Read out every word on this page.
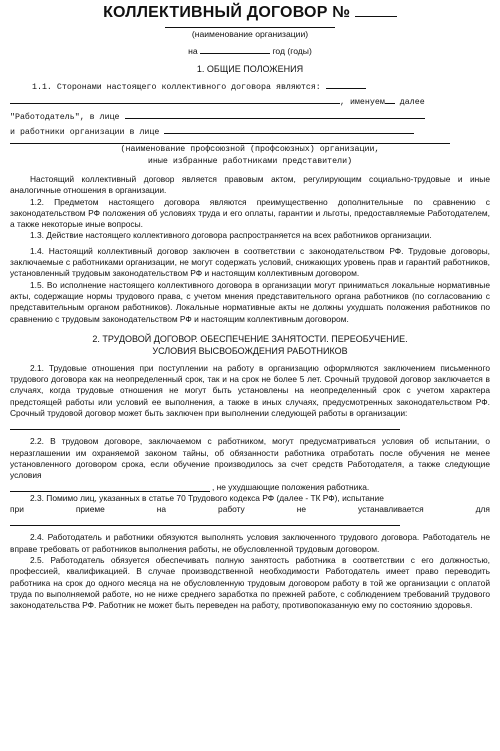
КОЛЛЕКТИВНЫЙ ДОГОВОР №
(наименование организации)
на	год (годы)
1. ОБЩИЕ ПОЛОЖЕНИЯ
1.1. Сторонами настоящего коллективного договора являются:
, именуем далее
"Работодатель", в лице
и работники организации в лице
(наименование профсоюзной (профсоюзных) организации,
иные избранные работниками представители)

Настоящий коллективный договор является правовым актом, регулирующим социально-трудовые и иные аналогичные отношения в организации.

1.2. Предметом настоящего договора являются преимущественно дополнительные по сравнению с законодательством РФ положения об условиях труда и его оплаты, гарантии и льготы, предоставляемые Работодателем, а также некоторые иные вопросы.

1.3. Действие настоящего коллективного договора распространяется на всех работников организации.

1.4. Настоящий коллективный договор заключен в соответствии с законодательством РФ. Трудовые договоры, заключаемые с работниками организации, не могут содержать условий, снижающих уровень прав и гарантий работников, установленный трудовым законодательством РФ и настоящим коллективным договором.

1.5. Во исполнение настоящего коллективного договора в организации могут приниматься локальные нормативные акты, содержащие нормы трудового права, с учетом мнения представительного органа работников (по согласованию с представительным органом работников). Локальные нормативные акты не должны ухудшать положения работников по сравнению с трудовым законодательством РФ и настоящим коллективным договором.

2. ТРУДОВОЙ ДОГОВОР. ОБЕСПЕЧЕНИЕ ЗАНЯТОСТИ. ПЕРЕОБУЧЕНИЕ.
УСЛОВИЯ ВЫСВОБОЖДЕНИЯ РАБОТНИКОВ

2.1. Трудовые отношения при поступлении на работу в организацию оформляются заключением письменного трудового договора как на неопределенный срок, так и на срок не более 5 лет. Срочный трудовой договор заключается в случаях, когда трудовые отношения не могут быть установлены на неопределенный срок с учетом характера предстоящей работы или условий ее выполнения, а также в иных случаях, предусмотренных законодательством РФ. Срочный трудовой договор может быть заключен при выполнении следующей работы в организации:

2.2. В трудовом договоре, заключаемом с работником, могут предусматриваться условия об испытании, о неразглашении им охраняемой законом тайны, об обязанности работника отработать после обучения не менее установленного договором срока, если обучение производилось за счет средств Работодателя, а также следующие условия

, не ухудшающие положения работника.

2.3. Помимо лиц, указанных в статье 70 Трудового кодекса РФ (далее - ТК РФ), испытание

при	приеме	на	работу	не	устанавливается	для

2.4. Работодатель и работники обязуются выполнять условия заключенного трудового договора. Работодатель не вправе требовать от работников выполнения работы, не обусловленной трудовым договором.

2.5. Работодатель обязуется обеспечивать полную занятость работника в соответствии с его должностью, профессией, квалификацией. В случае производственной необходимости Работодатель имеет право переводить работника на срок до одного месяца на не обусловленную трудовым договором работу в той же организации с оплатой труда по выполняемой работе, но не ниже среднего заработка по прежней работе, с соблюдением требований трудового законодательства РФ. Работник не может быть переведен на работу, противопоказанную ему по состоянию здоровья.
